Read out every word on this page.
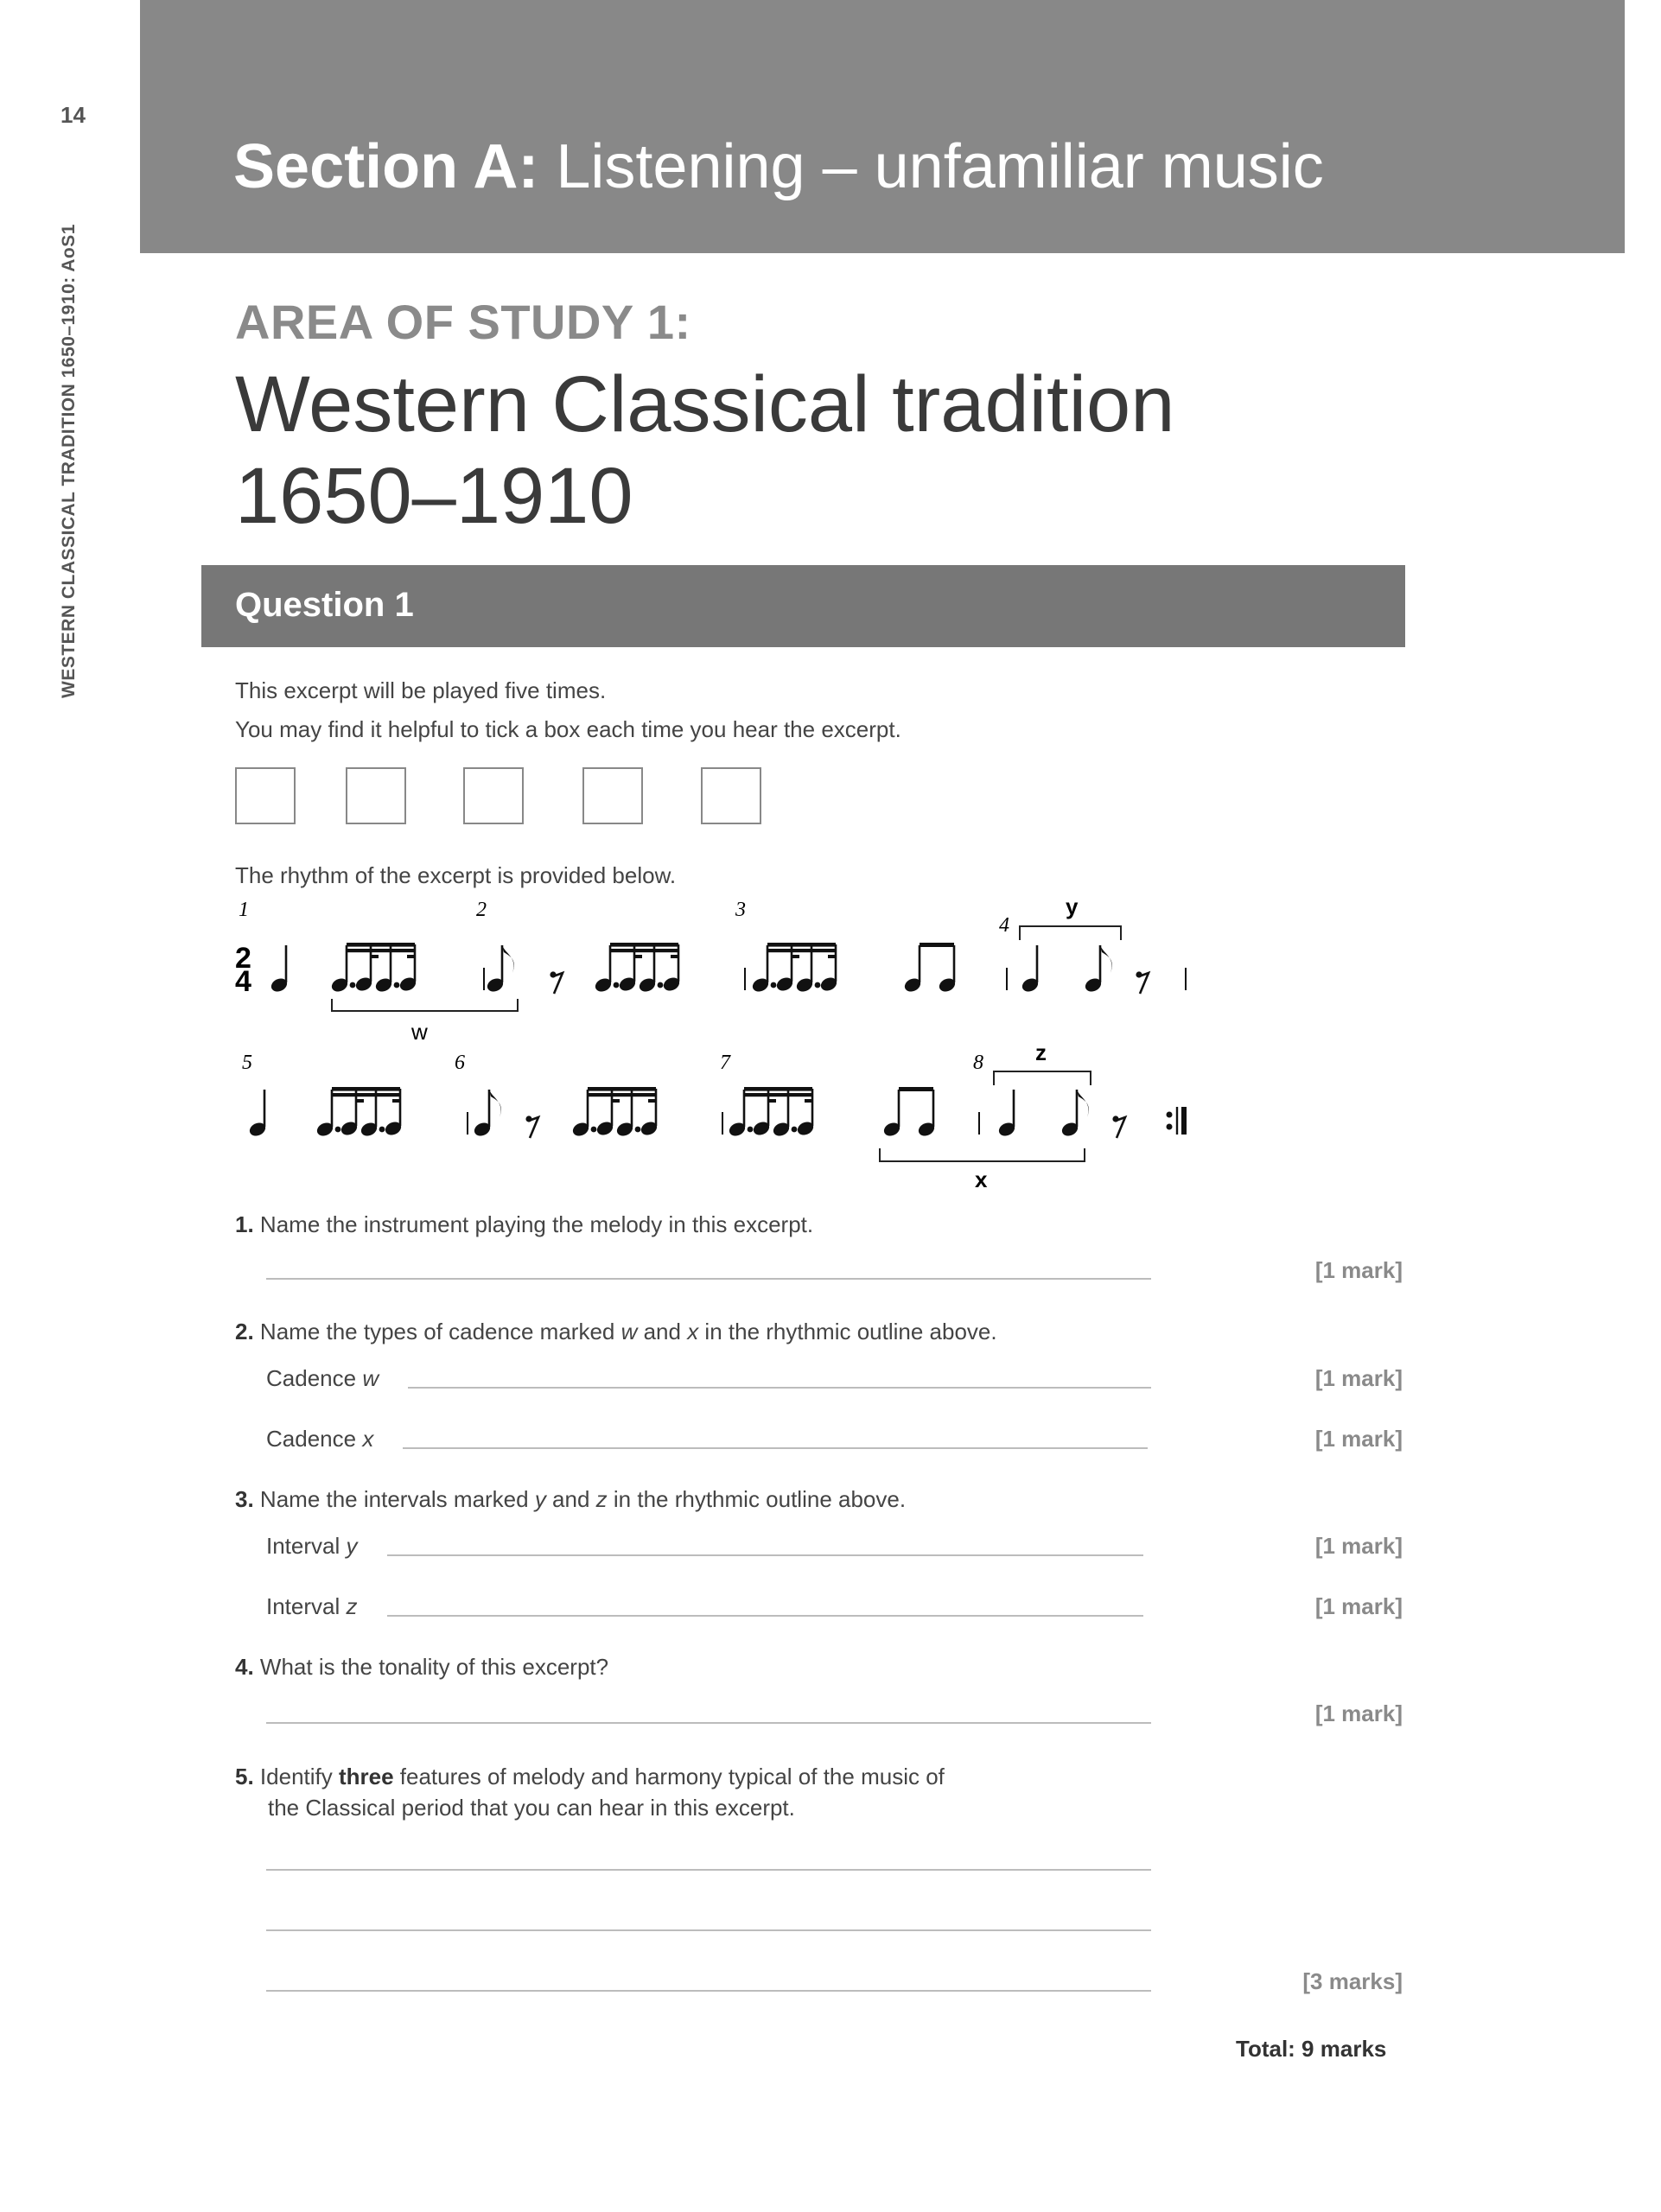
14
WESTERN CLASSICAL TRADITION 1650–1910: AoS1
Section A: Listening – unfamiliar music
AREA OF STUDY 1:
Western Classical tradition
1650–1910
Question 1
This excerpt will be played five times.
You may find it helpful to tick a box each time you hear the excerpt.
The rhythm of the excerpt is provided below.
1	2	3
4
5	6	7	8
2
4
w
y
z
x
1. Name the instrument playing the melody in this excerpt.
[1 mark]
2. Name the types of cadence marked w and x in the rhythmic outline above.
Cadence w	[1 mark]
Cadence x	[1 mark]
3. Name the intervals marked y and z in the rhythmic outline above.
Interval y	[1 mark]
Interval z	[1 mark]
4. What is the tonality of this excerpt?
[1 mark]
5. Identify three features of melody and harmony typical of the music of
the Classical period that you can hear in this excerpt.
[3 marks]
Total: 9 marks
